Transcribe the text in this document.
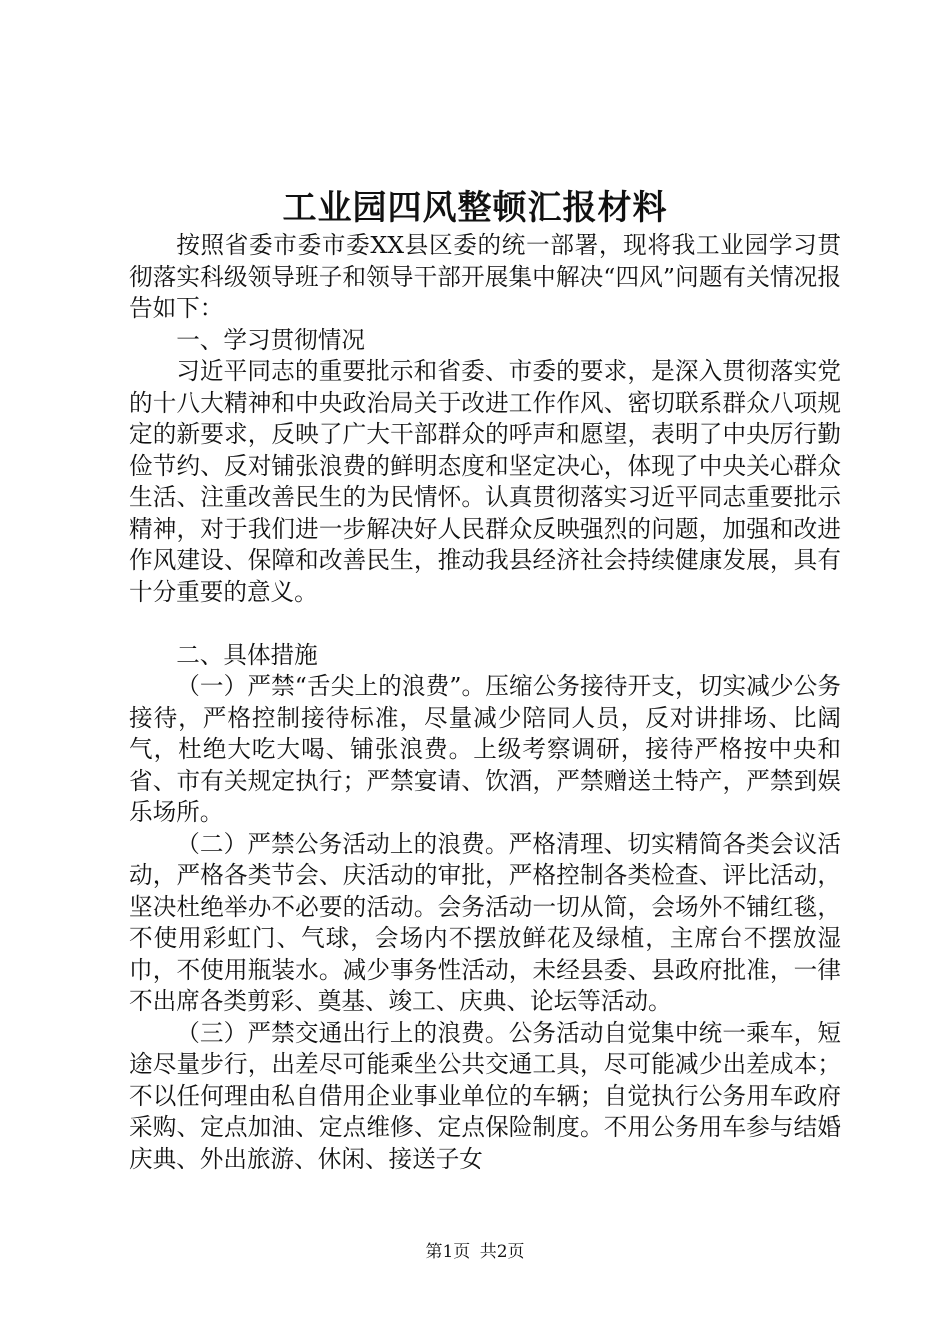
工业园四风整顿汇报材料

按照省委市委市委XX县区委的统一部署，现将我工业园学习贯彻落实科级领导班子和领导干部开展集中解决“四风”问题有关情况报告如下：

一、学习贯彻情况

习近平同志的重要批示和省委、市委的要求，是深入贯彻落实党的十八大精神和中央政治局关于改进工作作风、密切联系群众八项规定的新要求，反映了广大干部群众的呼声和愿望，表明了中央厉行勤俭节约、反对铺张浪费的鲜明态度和坚定决心，体现了中央关心群众生活、注重改善民生的为民情怀。认真贯彻落实习近平同志重要批示精神，对于我们进一步解决好人民群众反映强烈的问题，加强和改进作风建设、保障和改善民生，推动我县经济社会持续健康发展，具有十分重要的意义。

二、具体措施

（一）严禁“舌尖上的浪费”。压缩公务接待开支，切实减少公务接待，严格控制接待标准，尽量减少陪同人员，反对讲排场、比阔气，杜绝大吃大喝、铺张浪费。上级考察调研，接待严格按中央和省、市有关规定执行；严禁宴请、饮酒，严禁赠送土特产，严禁到娱乐场所。

（二）严禁公务活动上的浪费。严格清理、切实精简各类会议活动，严格各类节会、庆活动的审批，严格控制各类检查、评比活动，坚决杜绝举办不必要的活动。会务活动一切从简，会场外不铺红毯，不使用彩虹门、气球，会场内不摆放鲜花及绿植，主席台不摆放湿巾，不使用瓶装水。减少事务性活动，未经县委、县政府批准，一律不出席各类剪彩、奠基、竣工、庆典、论坛等活动。

（三）严禁交通出行上的浪费。公务活动自觉集中统一乘车，短途尽量步行，出差尽可能乘坐公共交通工具，尽可能减少出差成本；不以任何理由私自借用企业事业单位的车辆；自觉执行公务用车政府采购、定点加油、定点维修、定点保险制度。不用公务用车参与结婚庆典、外出旅游、休闲、接送子女

第1页 共2页
